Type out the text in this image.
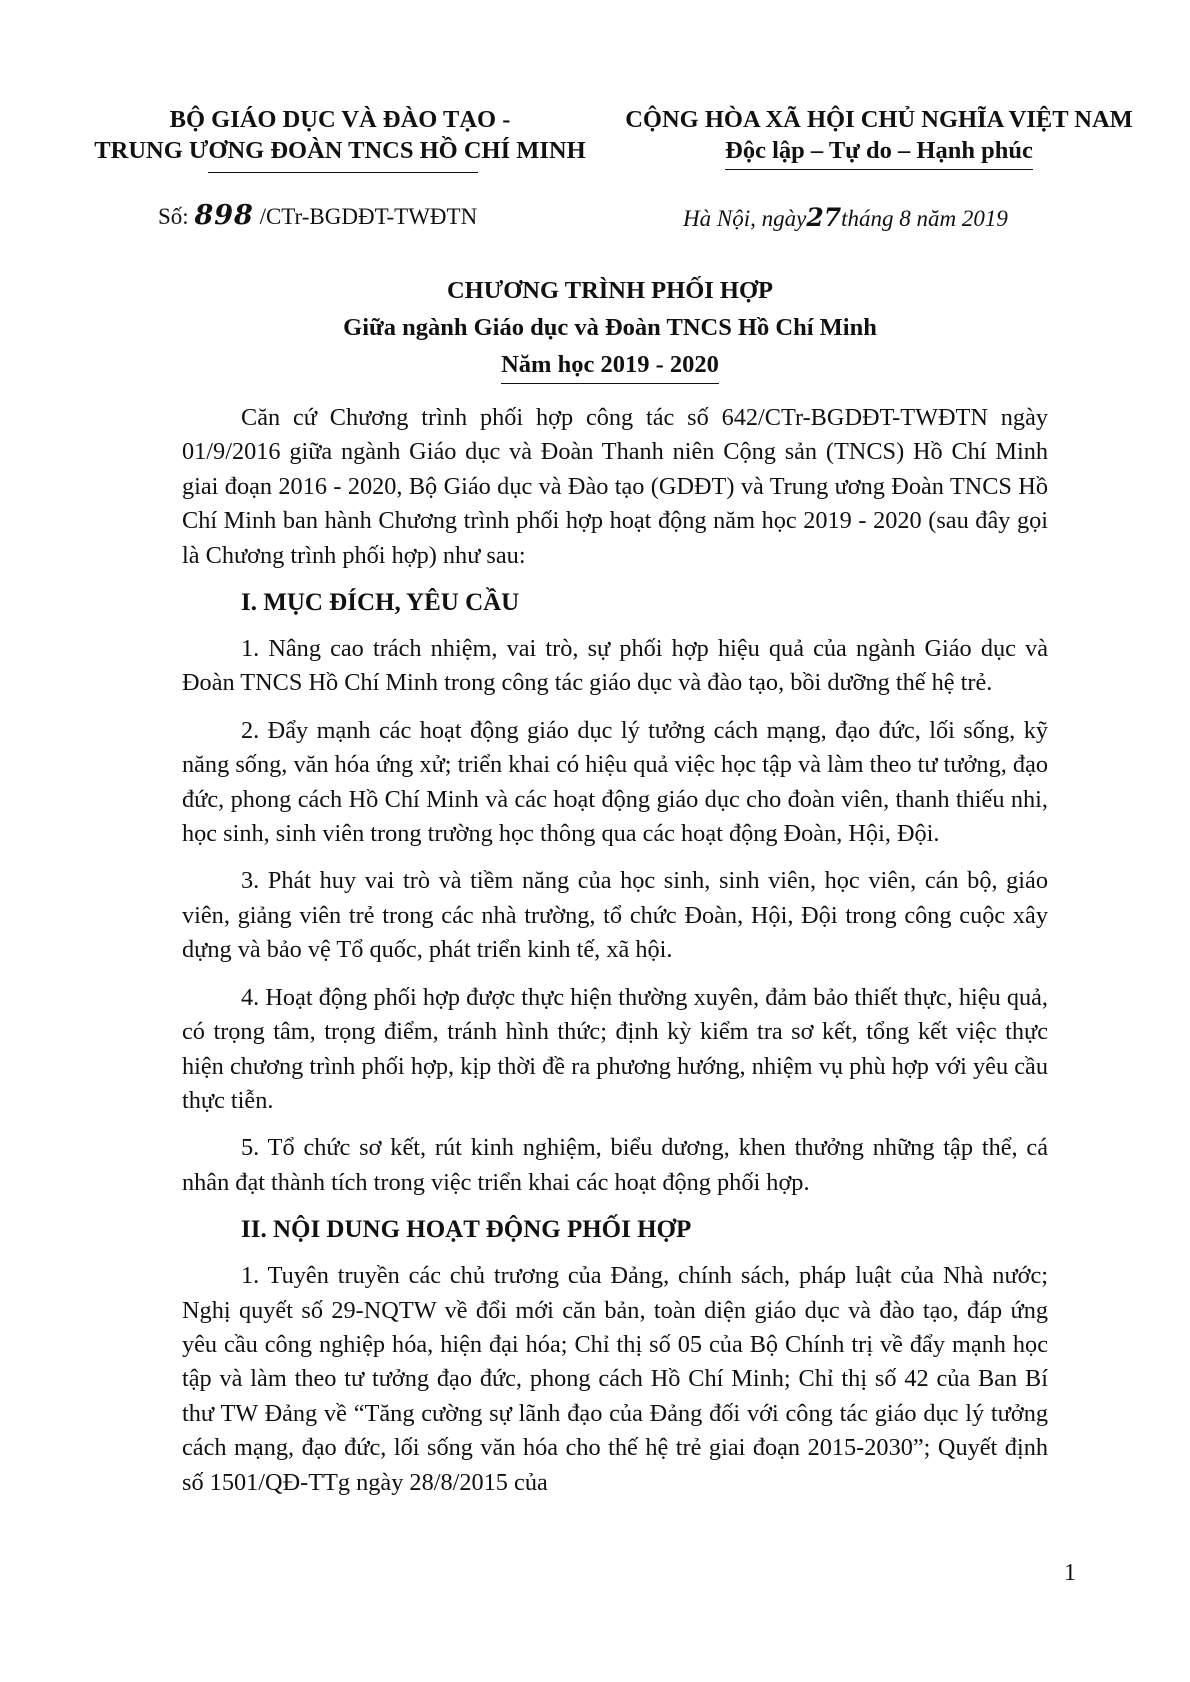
BỘ GIÁO DỤC VÀ ĐÀO TẠO -
TRUNG ƯƠNG ĐOÀN TNCS HỒ CHÍ MINH
CỘNG HÒA XÃ HỘI CHỦ NGHĨA VIỆT NAM
Độc lập – Tự do – Hạnh phúc
Số: 898 /CTr-BGDĐT-TWĐTN	Hà Nội, ngày27tháng 8 năm 2019
CHƯƠNG TRÌNH PHỐI HỢP
Giữa ngành Giáo dục và Đoàn TNCS Hồ Chí Minh
Năm học 2019 - 2020

Căn cứ Chương trình phối hợp công tác số 642/CTr-BGDĐT-TWĐTN ngày 01/9/2016 giữa ngành Giáo dục và Đoàn Thanh niên Cộng sản (TNCS) Hồ Chí Minh giai đoạn 2016 - 2020, Bộ Giáo dục và Đào tạo (GDĐT) và Trung ương Đoàn TNCS Hồ Chí Minh ban hành Chương trình phối hợp hoạt động năm học 2019 - 2020 (sau đây gọi là Chương trình phối hợp) như sau:

I. MỤC ĐÍCH, YÊU CẦU

1. Nâng cao trách nhiệm, vai trò, sự phối hợp hiệu quả của ngành Giáo dục và Đoàn TNCS Hồ Chí Minh trong công tác giáo dục và đào tạo, bồi dưỡng thế hệ trẻ.

2. Đẩy mạnh các hoạt động giáo dục lý tưởng cách mạng, đạo đức, lối sống, kỹ năng sống, văn hóa ứng xử; triển khai có hiệu quả việc học tập và làm theo tư tưởng, đạo đức, phong cách Hồ Chí Minh và các hoạt động giáo dục cho đoàn viên, thanh thiếu nhi, học sinh, sinh viên trong trường học thông qua các hoạt động Đoàn, Hội, Đội.

3. Phát huy vai trò và tiềm năng của học sinh, sinh viên, học viên, cán bộ, giáo viên, giảng viên trẻ trong các nhà trường, tổ chức Đoàn, Hội, Đội trong công cuộc xây dựng và bảo vệ Tổ quốc, phát triển kinh tế, xã hội.

4. Hoạt động phối hợp được thực hiện thường xuyên, đảm bảo thiết thực, hiệu quả, có trọng tâm, trọng điểm, tránh hình thức; định kỳ kiểm tra sơ kết, tổng kết việc thực hiện chương trình phối hợp, kịp thời đề ra phương hướng, nhiệm vụ phù hợp với yêu cầu thực tiễn.

5. Tổ chức sơ kết, rút kinh nghiệm, biểu dương, khen thưởng những tập thể, cá nhân đạt thành tích trong việc triển khai các hoạt động phối hợp.

II. NỘI DUNG HOẠT ĐỘNG PHỐI HỢP

1. Tuyên truyền các chủ trương của Đảng, chính sách, pháp luật của Nhà nước; Nghị quyết số 29-NQTW về đổi mới căn bản, toàn diện giáo dục và đào tạo, đáp ứng yêu cầu công nghiệp hóa, hiện đại hóa; Chỉ thị số 05 của Bộ Chính trị về đẩy mạnh học tập và làm theo tư tưởng đạo đức, phong cách Hồ Chí Minh; Chỉ thị số 42 của Ban Bí thư TW Đảng về “Tăng cường sự lãnh đạo của Đảng đối với công tác giáo dục lý tưởng cách mạng, đạo đức, lối sống văn hóa cho thế hệ trẻ giai đoạn 2015-2030”; Quyết định số 1501/QĐ-TTg ngày 28/8/2015 của

1
